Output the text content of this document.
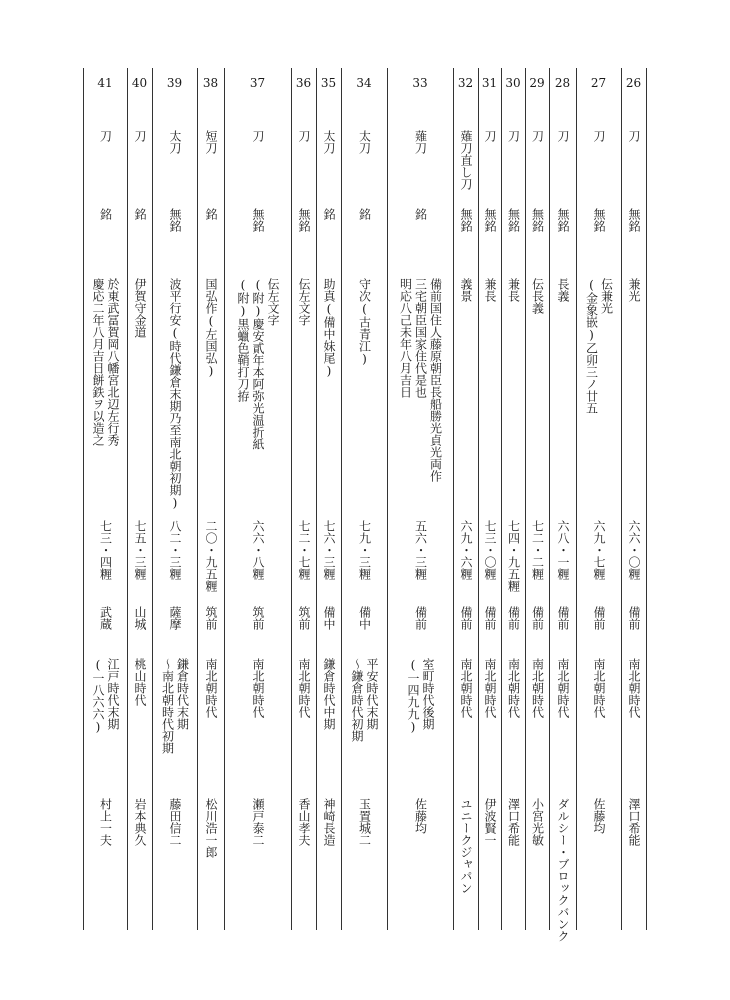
26
刀
無銘
兼光
六六・〇糎
備前
南北朝時代
澤口希能
27
刀
無銘
伝兼光
(金象嵌)乙卯三ノ廿五
六九・七糎
備前
南北朝時代
佐藤均
28
刀
無銘
長義
六八・一糎
備前
南北朝時代
ダルシー・ブロックバンク
29
刀
無銘
伝長義
七二・二糎
備前
南北朝時代
小宮光敏
30
刀
無銘
兼長
七四・九五糎
備前
南北朝時代
澤口希能
31
刀
無銘
兼長
七三・〇糎
備前
南北朝時代
伊波賢一
32
薙刀直し刀
無銘
義景
六九・六糎
備前
南北朝時代
ユニークジャパン
33
薙刀
銘
備前国住人藤原朝臣長船勝光貞光両作
三宅朝臣国家住代是也
明応八己未年八月吉日
五六・三糎
備前
室町時代後期
(一四九九)
佐藤均
34
太刀
銘
守次(古青江)
七九・三糎
備中
平安時代末期
～鎌倉時代初期
玉置城二
35
太刀
銘
助真(備中妹尾)
七六・三糎
備中
鎌倉時代中期
神崎長造
36
刀
無銘
伝左文字
七二・七糎
筑前
南北朝時代
香山孝夫
37
刀
無銘
伝左文字
(附)慶安貳年本阿弥光温折紙
(附)黒蠟色鞘打刀拵
六六・八糎
筑前
南北朝時代
瀬戸泰二
38
短刀
銘
国弘作(左国弘)
二〇・九五糎
筑前
南北朝時代
松川浩一郎
39
太刀
無銘
波平行安(時代鎌倉末期乃至南北朝初期)
八二・三糎
薩摩
鎌倉時代末期
～南北朝時代初期
藤田信二
40
刀
銘
伊賀守金道
七五・三糎
山城
桃山時代
岩本典久
41
刀
銘
於東武冨賀岡八幡宮北辺左行秀
慶応二年八月吉日餅鉄ヲ以造之
七三・四糎
武蔵
江戸時代末期
(一八六六)
村上一夫
